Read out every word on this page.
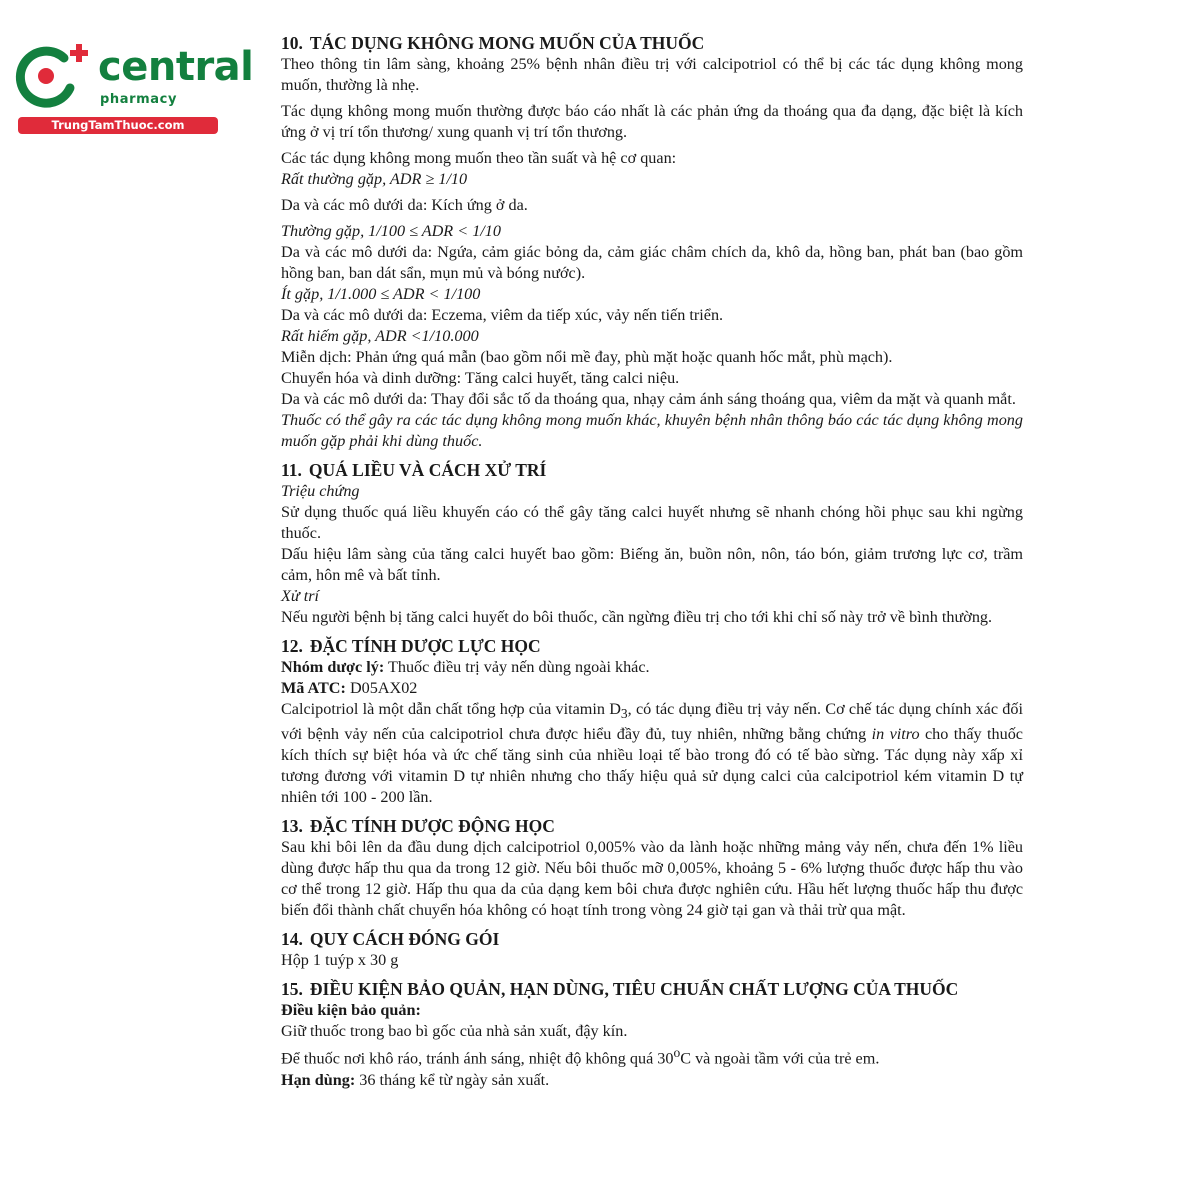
central
pharmacy
TrungTamThuoc.com
10. TÁC DỤNG KHÔNG MONG MUỐN CỦA THUỐC

Theo thông tin lâm sàng, khoảng 25% bệnh nhân điều trị với calcipotriol có thể bị các tác dụng không mong muốn, thường là nhẹ.

Tác dụng không mong muốn thường được báo cáo nhất là các phản ứng da thoáng qua đa dạng, đặc biệt là kích ứng ở vị trí tổn thương/ xung quanh vị trí tổn thương.

Các tác dụng không mong muốn theo tần suất và hệ cơ quan:

Rất thường gặp, ADR ≥ 1/10

Da và các mô dưới da: Kích ứng ở da.

Thường gặp, 1/100 ≤ ADR < 1/10

Da và các mô dưới da: Ngứa, cảm giác bỏng da, cảm giác châm chích da, khô da, hồng ban, phát ban (bao gồm hồng ban, ban dát sẩn, mụn mủ và bóng nước).

Ít gặp, 1/1.000 ≤ ADR < 1/100

Da và các mô dưới da: Eczema, viêm da tiếp xúc, vảy nến tiến triển.

Rất hiếm gặp, ADR <1/10.000

Miễn dịch: Phản ứng quá mẫn (bao gồm nổi mề đay, phù mặt hoặc quanh hốc mắt, phù mạch).

Chuyển hóa và dinh dưỡng: Tăng calci huyết, tăng calci niệu.

Da và các mô dưới da: Thay đổi sắc tố da thoáng qua, nhạy cảm ánh sáng thoáng qua, viêm da mặt và quanh mắt.

Thuốc có thể gây ra các tác dụng không mong muốn khác, khuyên bệnh nhân thông báo các tác dụng không mong muốn gặp phải khi dùng thuốc.

11. QUÁ LIỀU VÀ CÁCH XỬ TRÍ

Triệu chứng

Sử dụng thuốc quá liều khuyến cáo có thể gây tăng calci huyết nhưng sẽ nhanh chóng hồi phục sau khi ngừng thuốc.

Dấu hiệu lâm sàng của tăng calci huyết bao gồm: Biếng ăn, buồn nôn, nôn, táo bón, giảm trương lực cơ, trầm cảm, hôn mê và bất tỉnh.

Xử trí

Nếu người bệnh bị tăng calci huyết do bôi thuốc, cần ngừng điều trị cho tới khi chỉ số này trở về bình thường.

12. ĐẶC TÍNH DƯỢC LỰC HỌC

Nhóm dược lý: Thuốc điều trị vảy nến dùng ngoài khác.

Mã ATC: D05AX02

Calcipotriol là một dẫn chất tổng hợp của vitamin $D_3$, có tác dụng điều trị vảy nến. Cơ chế tác dụng chính xác đối với bệnh vảy nến của calcipotriol chưa được hiểu đầy đủ, tuy nhiên, những bằng chứng in vitro cho thấy thuốc kích thích sự biệt hóa và ức chế tăng sinh của nhiều loại tế bào trong đó có tế bào sừng. Tác dụng này xấp xỉ tương đương với vitamin D tự nhiên nhưng cho thấy hiệu quả sử dụng calci của calcipotriol kém vitamin D tự nhiên tới 100 - 200 lần.

13. ĐẶC TÍNH DƯỢC ĐỘNG HỌC

Sau khi bôi lên da đầu dung dịch calcipotriol 0,005% vào da lành hoặc những mảng vảy nến, chưa đến 1% liều dùng được hấp thu qua da trong 12 giờ. Nếu bôi thuốc mỡ 0,005%, khoảng 5 - 6% lượng thuốc được hấp thu vào cơ thể trong 12 giờ. Hấp thu qua da của dạng kem bôi chưa được nghiên cứu. Hầu hết lượng thuốc hấp thu được biến đổi thành chất chuyển hóa không có hoạt tính trong vòng 24 giờ tại gan và thải trừ qua mật.

14. QUY CÁCH ĐÓNG GÓI

Hộp 1 tuýp x 30 g

15. ĐIỀU KIỆN BẢO QUẢN, HẠN DÙNG, TIÊU CHUẨN CHẤT LƯỢNG CỦA THUỐC

Điều kiện bảo quản:

Giữ thuốc trong bao bì gốc của nhà sản xuất, đậy kín.

Để thuốc nơi khô ráo, tránh ánh sáng, nhiệt độ không quá 30$^o$C và ngoài tầm với của trẻ em.

Hạn dùng: 36 tháng kể từ ngày sản xuất.
